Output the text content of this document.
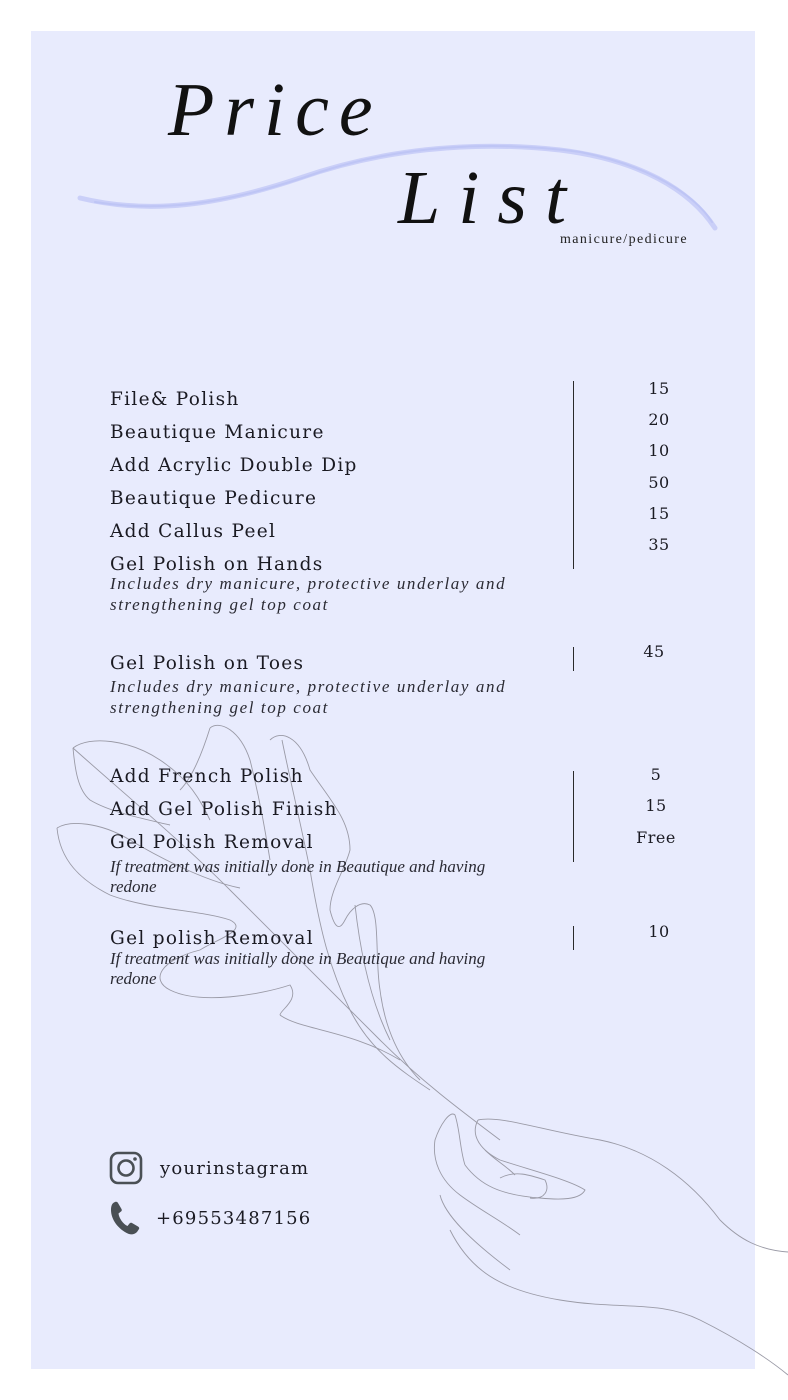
Price
List
manicure/pedicure
File& Polish
Beautique Manicure
Add Acrylic Double Dip
Beautique Pedicure
Add Callus Peel
Gel Polish on Hands
Includes dry manicure, protective underlay and
strengthening gel top coat
15
20
10
50
15
35
Gel Polish on Toes
Includes dry manicure, protective underlay and
strengthening gel top coat
45
Add French Polish
Add Gel Polish Finish
Gel Polish Removal
If treatment was initially done in Beautique and having
redone
5
15
Free
Gel polish Removal
If treatment was initially done in Beautique and having
redone
10
yourinstagram
+69553487156
